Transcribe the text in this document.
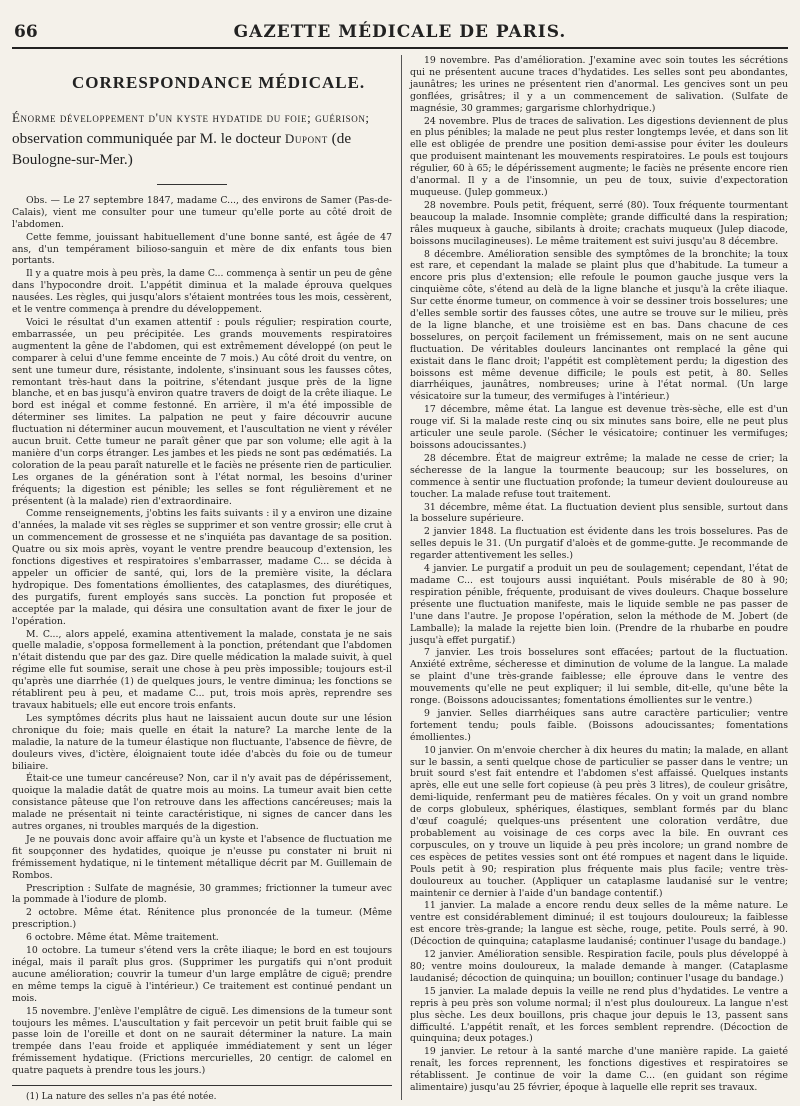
66	GAZETTE MÉDICALE DE PARIS.
CORRESPONDANCE MÉDICALE.
Énorme développement d'un kyste hydatide du foie; guérison; observation communiquée par M. le docteur Dupont (de Boulogne-sur-Mer.)

Obs. — Le 27 septembre 1847, madame C..., des environs de Samer (Pas-de-Calais), vient me consulter pour une tumeur qu'elle porte au côté droit de l'abdomen.

Cette femme, jouissant habituellement d'une bonne santé, est âgée de 47 ans, d'un tempérament bilioso-sanguin et mère de dix enfants tous bien portants.

Il y a quatre mois à peu près, la dame C... commença à sentir un peu de gêne dans l'hypocondre droit. L'appétit diminua et la malade éprouva quelques nausées. Les règles, qui jusqu'alors s'étaient montrées tous les mois, cessèrent, et le ventre commença à prendre du développement.

Voici le résultat d'un examen attentif : pouls régulier; respiration courte, embarrassée, un peu précipitée. Les grands mouvements respiratoires augmentent la gêne de l'abdomen, qui est extrêmement développé (on peut le comparer à celui d'une femme enceinte de 7 mois.) Au côté droit du ventre, on sent une tumeur dure, résistante, indolente, s'insinuant sous les fausses côtes, remontant très-haut dans la poitrine, s'étendant jusque près de la ligne blanche, et en bas jusqu'à environ quatre travers de doigt de la crête iliaque. Le bord est inégal et comme festonné. En arrière, il m'a été impossible de déterminer ses limites. La palpation ne peut y faire découvrir aucune fluctuation ni déterminer aucun mouvement, et l'auscultation ne vient y révéler aucun bruit. Cette tumeur ne paraît gêner que par son volume; elle agit à la manière d'un corps étranger. Les jambes et les pieds ne sont pas œdématiés. La coloration de la peau paraît naturelle et le faciès ne présente rien de particulier. Les organes de la génération sont à l'état normal, les besoins d'uriner fréquents; la digestion est pénible; les selles se font régulièrement et ne présentent (à la malade) rien d'extraordinaire.

Comme renseignements, j'obtins les faits suivants : il y a environ une dizaine d'années, la malade vit ses règles se supprimer et son ventre grossir; elle crut à un commencement de grossesse et ne s'inquiéta pas davantage de sa position. Quatre ou six mois après, voyant le ventre prendre beaucoup d'extension, les fonctions digestives et respiratoires s'embarrasser, madame C... se décida à appeler un officier de santé, qui, lors de la première visite, la déclara hydropique. Des fomentations émollientes, des cataplasmes, des diurétiques, des purgatifs, furent employés sans succès. La ponction fut proposée et acceptée par la malade, qui désira une consultation avant de fixer le jour de l'opération.

M. C..., alors appelé, examina attentivement la malade, constata je ne sais quelle maladie, s'opposa formellement à la ponction, prétendant que l'abdomen n'était distendu que par des gaz. Dire quelle médication la malade suivit, à quel régime elle fut soumise, serait une chose à peu près impossible; toujours est-il qu'après une diarrhée (1) de quelques jours, le ventre diminua; les fonctions se rétablirent peu à peu, et madame C... put, trois mois après, reprendre ses travaux habituels; elle eut encore trois enfants.

Les symptômes décrits plus haut ne laissaient aucun doute sur une lésion chronique du foie; mais quelle en était la nature? La marche lente de la maladie, la nature de la tumeur élastique non fluctuante, l'absence de fièvre, de douleurs vives, d'ictère, éloignaient toute idée d'abcès du foie ou de tumeur biliaire.

Était-ce une tumeur cancéreuse? Non, car il n'y avait pas de dépérissement, quoique la maladie datât de quatre mois au moins. La tumeur avait bien cette consistance pâteuse que l'on retrouve dans les affections cancéreuses; mais la malade ne présentait ni teinte caractéristique, ni signes de cancer dans les autres organes, ni troubles marqués de la digestion.

Je ne pouvais donc avoir affaire qu'à un kyste et l'absence de fluctuation me fit soupçonner des hydatides, quoique je n'eusse pu constater ni bruit ni frémissement hydatique, ni le tintement métallique décrit par M. Guillemain de Rombos.

Prescription : Sulfate de magnésie, 30 grammes; frictionner la tumeur avec la pommade à l'iodure de plomb.

2 octobre. Même état. Rénitence plus prononcée de la tumeur. (Même prescription.)

6 octobre. Même état. Même traitement.

10 octobre. La tumeur s'étend vers la crête iliaque; le bord en est toujours inégal, mais il paraît plus gros. (Supprimer les purgatifs qui n'ont produit aucune amélioration; couvrir la tumeur d'un large emplâtre de ciguë; prendre en même temps la ciguë à l'intérieur.) Ce traitement est continué pendant un mois.

15 novembre. J'enlève l'emplâtre de ciguë. Les dimensions de la tumeur sont toujours les mêmes. L'auscultation y fait percevoir un petit bruit faible qui se passe loin de l'oreille et dont on ne saurait déterminer la nature. La main trempée dans l'eau froide et appliquée immédiatement y sent un léger frémissement hydatique. (Frictions mercurielles, 20 centigr. de calomel en quatre paquets à prendre tous les jours.)

(1) La nature des selles n'a pas été notée.

19 novembre. Pas d'amélioration. J'examine avec soin toutes les sécrétions qui ne présentent aucune traces d'hydatides. Les selles sont peu abondantes, jaunâtres; les urines ne présentent rien d'anormal. Les gencives sont un peu gonflées, grisâtres; il y a un commencement de salivation. (Sulfate de magnésie, 30 grammes; gargarisme chlorhydrique.)

24 novembre. Plus de traces de salivation. Les digestions deviennent de plus en plus pénibles; la malade ne peut plus rester longtemps levée, et dans son lit elle est obligée de prendre une position demi-assise pour éviter les douleurs que produisent maintenant les mouvements respiratoires. Le pouls est toujours régulier, 60 à 65; le dépérissement augmente; le faciès ne présente encore rien d'anormal. Il y a de l'insomnie, un peu de toux, suivie d'expectoration muqueuse. (Julep gommeux.)

28 novembre. Pouls petit, fréquent, serré (80). Toux fréquente tourmentant beaucoup la malade. Insomnie complète; grande difficulté dans la respiration; râles muqueux à gauche, sibilants à droite; crachats muqueux (Julep diacode, boissons mucilagineuses). Le même traitement est suivi jusqu'au 8 décembre.

8 décembre. Amélioration sensible des symptômes de la bronchite; la toux est rare, et cependant la malade se plaint plus que d'habitude. La tumeur a encore pris plus d'extension; elle refoule le poumon gauche jusque vers la cinquième côte, s'étend au delà de la ligne blanche et jusqu'à la crête iliaque. Sur cette énorme tumeur, on commence à voir se dessiner trois bosselures; une d'elles semble sortir des fausses côtes, une autre se trouve sur le milieu, près de la ligne blanche, et une troisième est en bas. Dans chacune de ces bosselures, on perçoit facilement un frémissement, mais on ne sent aucune fluctuation. De véritables douleurs lancinantes ont remplacé la gêne qui existait dans le flanc droit; l'appétit est complètement perdu; la digestion des boissons est même devenue difficile; le pouls est petit, à 80. Selles diarrhéiques, jaunâtres, nombreuses; urine à l'état normal. (Un large vésicatoire sur la tumeur, des vermifuges à l'intérieur.)

17 décembre, même état. La langue est devenue très-sèche, elle est d'un rouge vif. Si la malade reste cinq ou six minutes sans boire, elle ne peut plus articuler une seule parole. (Sécher le vésicatoire; continuer les vermifuges; boissons adoucissantes.)

28 décembre. État de maigreur extrême; la malade ne cesse de crier; la sécheresse de la langue la tourmente beaucoup; sur les bosselures, on commence à sentir une fluctuation profonde; la tumeur devient douloureuse au toucher. La malade refuse tout traitement.

31 décembre, même état. La fluctuation devient plus sensible, surtout dans la bosselure supérieure.

2 janvier 1848. La fluctuation est évidente dans les trois bosselures. Pas de selles depuis le 31. (Un purgatif d'aloès et de gomme-gutte. Je recommande de regarder attentivement les selles.)

4 janvier. Le purgatif a produit un peu de soulagement; cependant, l'état de madame C... est toujours aussi inquiétant. Pouls misérable de 80 à 90; respiration pénible, fréquente, produisant de vives douleurs. Chaque bosselure présente une fluctuation manifeste, mais le liquide semble ne pas passer de l'une dans l'autre. Je propose l'opération, selon la méthode de M. Jobert (de Lamballe); la malade la rejette bien loin. (Prendre de la rhubarbe en poudre jusqu'à effet purgatif.)

7 janvier. Les trois bosselures sont effacées; partout de la fluctuation. Anxiété extrême, sécheresse et diminution de volume de la langue. La malade se plaint d'une très-grande faiblesse; elle éprouve dans le ventre des mouvements qu'elle ne peut expliquer; il lui semble, dit-elle, qu'une bête la ronge. (Boissons adoucissantes; fomentations émollientes sur le ventre.)

9 janvier. Selles diarrhéiques sans autre caractère particulier; ventre fortement tendu; pouls faible. (Boissons adoucissantes; fomentations émollientes.)

10 janvier. On m'envoie chercher à dix heures du matin; la malade, en allant sur le bassin, a senti quelque chose de particulier se passer dans le ventre; un bruit sourd s'est fait entendre et l'abdomen s'est affaissé. Quelques instants après, elle eut une selle fort copieuse (à peu près 3 litres), de couleur grisâtre, demi-liquide, renfermant peu de matières fécales. On y voit un grand nombre de corps globuleux, sphériques, élastiques, semblant formés par du blanc d'œuf coagulé; quelques-uns présentent une coloration verdâtre, due probablement au voisinage de ces corps avec la bile. En ouvrant ces corpuscules, on y trouve un liquide à peu près incolore; un grand nombre de ces espèces de petites vessies sont ont été rompues et nagent dans le liquide. Pouls petit à 90; respiration plus fréquente mais plus facile; ventre très-douloureux au toucher. (Appliquer un cataplasme laudanisé sur le ventre; maintenir ce dernier à l'aide d'un bandage contentif.)

11 janvier. La malade a encore rendu deux selles de la même nature. Le ventre est considérablement diminué; il est toujours douloureux; la faiblesse est encore très-grande; la langue est sèche, rouge, petite. Pouls serré, à 90. (Décoction de quinquina; cataplasme laudanisé; continuer l'usage du bandage.)

12 janvier. Amélioration sensible. Respiration facile, pouls plus développé à 80; ventre moins douloureux, la malade demande à manger. (Cataplasme laudanisé; décoction de quinquina; un bouillon; continuer l'usage du bandage.)

15 janvier. La malade depuis la veille ne rend plus d'hydatides. Le ventre a repris à peu près son volume normal; il n'est plus douloureux. La langue n'est plus sèche. Les deux bouillons, pris chaque jour depuis le 13, passent sans difficulté. L'appétit renaît, et les forces semblent reprendre. (Décoction de quinquina; deux potages.)

19 janvier. Le retour à la santé marche d'une manière rapide. La gaieté renaît, les forces reprennent, les fonctions digestives et respiratoires se rétablissent. Je continue de voir la dame C... (en guidant son régime alimentaire) jusqu'au 25 février, époque à laquelle elle reprit ses travaux.
